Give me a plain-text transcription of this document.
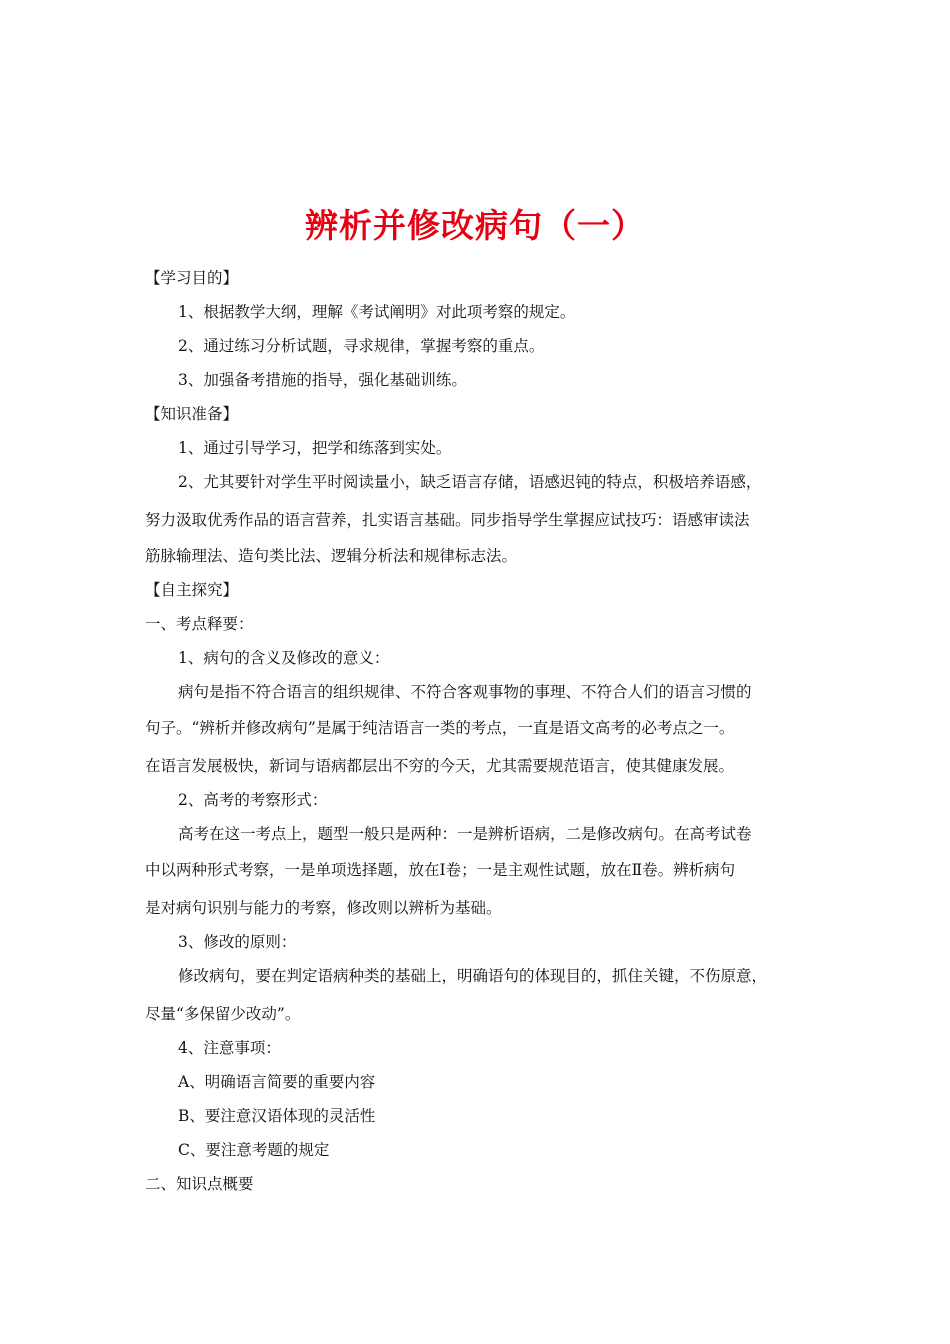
辨析并修改病句（一）
【学习目的】
1、根据教学大纲，理解《考试阐明》对此项考察的规定。
2、通过练习分析试题，寻求规律，掌握考察的重点。
3、加强备考措施的指导，强化基础训练。
【知识准备】
1、通过引导学习，把学和练落到实处。
2、尤其要针对学生平时阅读量小，缺乏语言存储，语感迟钝的特点，积极培养语感，
努力汲取优秀作品的语言营养，扎实语言基础。同步指导学生掌握应试技巧：语感审读法
筋脉输理法、造句类比法、逻辑分析法和规律标志法。
【自主探究】
一、考点释要：
1、病句的含义及修改的意义：
病句是指不符合语言的组织规律、不符合客观事物的事理、不符合人们的语言习惯的
句子。“辨析并修改病句”是属于纯洁语言一类的考点，一直是语文高考的必考点之一。
在语言发展极快，新词与语病都层出不穷的今天，尤其需要规范语言，使其健康发展。
2、高考的考察形式：
高考在这一考点上，题型一般只是两种：一是辨析语病，二是修改病句。在高考试卷
中以两种形式考察，一是单项选择题，放在Ⅰ卷；一是主观性试题，放在Ⅱ卷。辨析病句
是对病句识别与能力的考察，修改则以辨析为基础。
3、修改的原则：
修改病句，要在判定语病种类的基础上，明确语句的体现目的，抓住关键，不伤原意，
尽量“多保留少改动”。
4、注意事项：
A、明确语言简要的重要内容
B、要注意汉语体现的灵活性
C、要注意考题的规定
二、知识点概要
